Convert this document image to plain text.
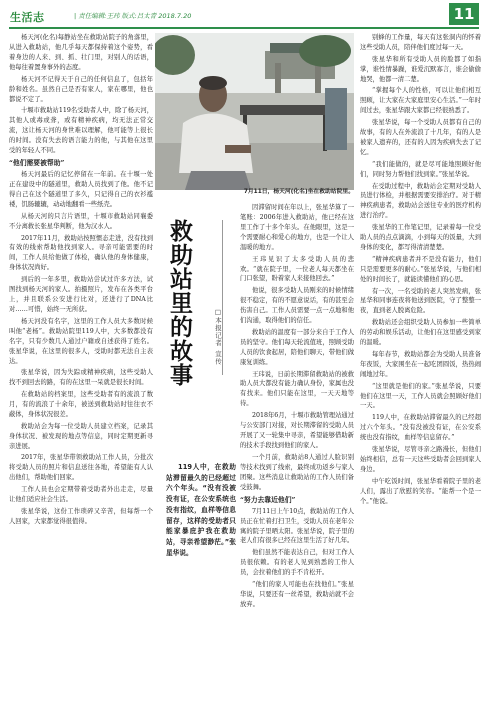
生活志	| 责任编辑:王玮 版式:吕太青 2018.7.20	11

杨天河(化名)每静站坐在救助站院子的角落里，从进入救助站，他几乎每天都保持着这个姿势，看着身边的人来、到、抓、壮门里，对别人的话语，他每往着置身事外的态度。

杨天河不记得天于自己的任何信息了，包括年龄和姓名。虽然自己是否有家人，家在哪里，他也都说不定了。

十堰市救助站119名受助者人中，除了杨天河，其他人或毒或聋，或有精神疾病，均无法正常交流，这让杨天河的身世难以理解，他可能等上很长的时间。没有失去的语言能力的他，与其他在这里受的年轻人不同。

“他们需要被帮助”

杨天河最后的记忆停留在一年前。在十堰一处正在建设中的隧道里，救助人员找到了他。他不记得自己在这个隧道里了多久，只记得自己的衣衫褴褛，饥肠辘辘，动动地翻看一些纸壳。

从杨天河的只言片语里，十堰市救助站同襄委不分离救长张星华判断，他为汉水人。

2017年11月，救助站按照惯态走进，没有找到有效的线索帮助他找到家人。寻亲可能需要的时间，工作人员给他做了体检，确认他的身体健康，身体状况尚好。

到后的一年多里，救助站尝试过许多方法，试图找到杨天河的家人。拍摄照片，发布在各类平台上，并且联系公安进行比对，还进行了DNA比对……可惜，始终一无所获。

杨天河没有名字，这里的工作人员大多数时候叫他“老杨”。救助站院里119人中，大多数都没有名字，只有少数几人通过户籍或自述获得了姓名。张星华说，在这里的很多人，受助时都无法自主表达。

张星华说，因为失踪或精神疾病，这些受助人找不到回去的路，有的在这里一呆就是很长时间。

在救助站的档案里，这些受助者有的流浪了数月，有的流浪了十余年，被送到救助站时往往衣不蔽体，身体状况很差。

救助站会为每一位受助人员建立档案，记录其身体状况、被发现的地点等信息，同时定期更新寻亲进展。

2017年，张星华带领救助站工作人员，分批次将受助人员的照片和信息送往各地，希望能有人认出他们，帮助他们回家。

工作人员也会定期带着受助者外出走走，尽量让他们适应社会生活。

张星华说，这份工作琐碎又辛苦，但每帮一个人回家，大家都觉得很值得。

7月11日，杨天河(化名)坐在救助站院里。

因滞留时间在年以上，张星华算了一笔账：2006年进入救助站，他已经在这里工作了十多个年头。在他眼里，这是一个需要耐心和爱心的地方，也是一个让人温暖的地方。

王玮见识了太多受助人员的悲欢。“就在院子里，一位老人每天都坐在门口张望，盼着家人来接他回去。”

他说，很多受助人员刚来的时候情绪很不稳定，有的不愿意说话，有的甚至会伤害自己。工作人员需要一点一点地和他们沟通，取得他们的信任。

救助站的温度有一部分来自于工作人员的坚守。他们每天轮流值班，照顾受助人员的饮食起居，陪他们聊天，带他们做康复训练。

王玮说，日前长期滞留救助站的被救助人员大都没有能力确认身份，家属也没有找来。他们只能在这里，一天天地等待。

2018年6月，十堰市救助管理站通过与公安部门对接，对长期滞留的受助人员开展了又一轮集中寻亲，希望能够借助新的技术手段找到他们的家人。

一个月前，救助站8人通过人脸识别等技术找到了线索，最终成功返乡与家人团聚。这些消息让救助站的工作人员们备受鼓舞。

“努力去靠近他们”

7月11日上午10点，救助站的工作人员正在忙着打扫卫生，受助人员在老年公寓的院子里晒太阳。张星华说，院子里的老人们有很多已经在这里生活了好几年。

他们虽然不能表达自己，但对工作人员很依赖。有的老人见到熟悉的工作人员，会拉着他们的手不肯松开。

“他们的家人可能也在找他们。”张星华说，只要还有一丝希望，救助站就不会放弃。

别蜂的工作量，每天有这张洞内的怀着这些受助人员，陪伴他们度过每一天。

张星华和所有受助人员的脸都了如指掌，谁性情暴躁，谁爱沉默寡言，谁会偷偷地哭，他都一清二楚。

“掌握每个人的性格，可以让他们相互照顾，让大家在大家庭里安心生活。”一年时间过去，张星华跟大家都已经很熟悉了。

张星华说，每一个受助人员都有自己的故事，有的人在外流浪了十几年，有的人是被家人遗弃的，还有的人因为疾病失去了记忆。

“我们能做的，就是尽可能地照顾好他们，同时努力帮他们找到家。”张星华说。

在受助过程中，救助站会定期对受助人员进行体检，并根据需要安排治疗。对于精神疾病患者，救助站会送往专业的医疗机构进行治疗。

张星华的工作笔记里，记录着每一位受助人员的点点滴滴，小到每天的饭量，大到身体的变化，都写得清清楚楚。

“精神疾病患者并不是没有能力，他们只是需要更多的耐心。”张星华说，与他们相处的时间长了，就能读懂他们的心思。

有一次，一名受助的老人突然发病，张星华和同事连夜将他送到医院，守了整整一夜，直到老人脱离危险。

救助站还会组织受助人员参加一些简单的劳动和娱乐活动，让他们在这里感受到家的温暖。

每年春节，救助站都会为受助人员准备年夜饭，大家围坐在一起吃团圆饭，热热闹闹地过年。

“这里就是他们的家。”张星华说，只要他们在这里一天，工作人员就会照顾好他们一天。

119人中，在救助站滞留最久的已经超过六个年头。“没有没被没有证，在公安系统也没有指纹，血样等信息留存。”

张星华说，尽管寻亲之路漫长，但他们始终相信，总有一天这些受助者会回到家人身边。

中午吃饭时间，张星华看着院子里的老人们，露出了欣慰的笑容。“能帮一个是一个。”他说。

救助站里的故事	□本报记者 宣传
119人中，在救助站滞留最久的已经超过六个年头。“没有没被没有证，在公安系统也没有指纹，血样等信息留存，这样的受助者只能家暴庇护我在救助站，寻亲希望渺茫。”张星华说。
